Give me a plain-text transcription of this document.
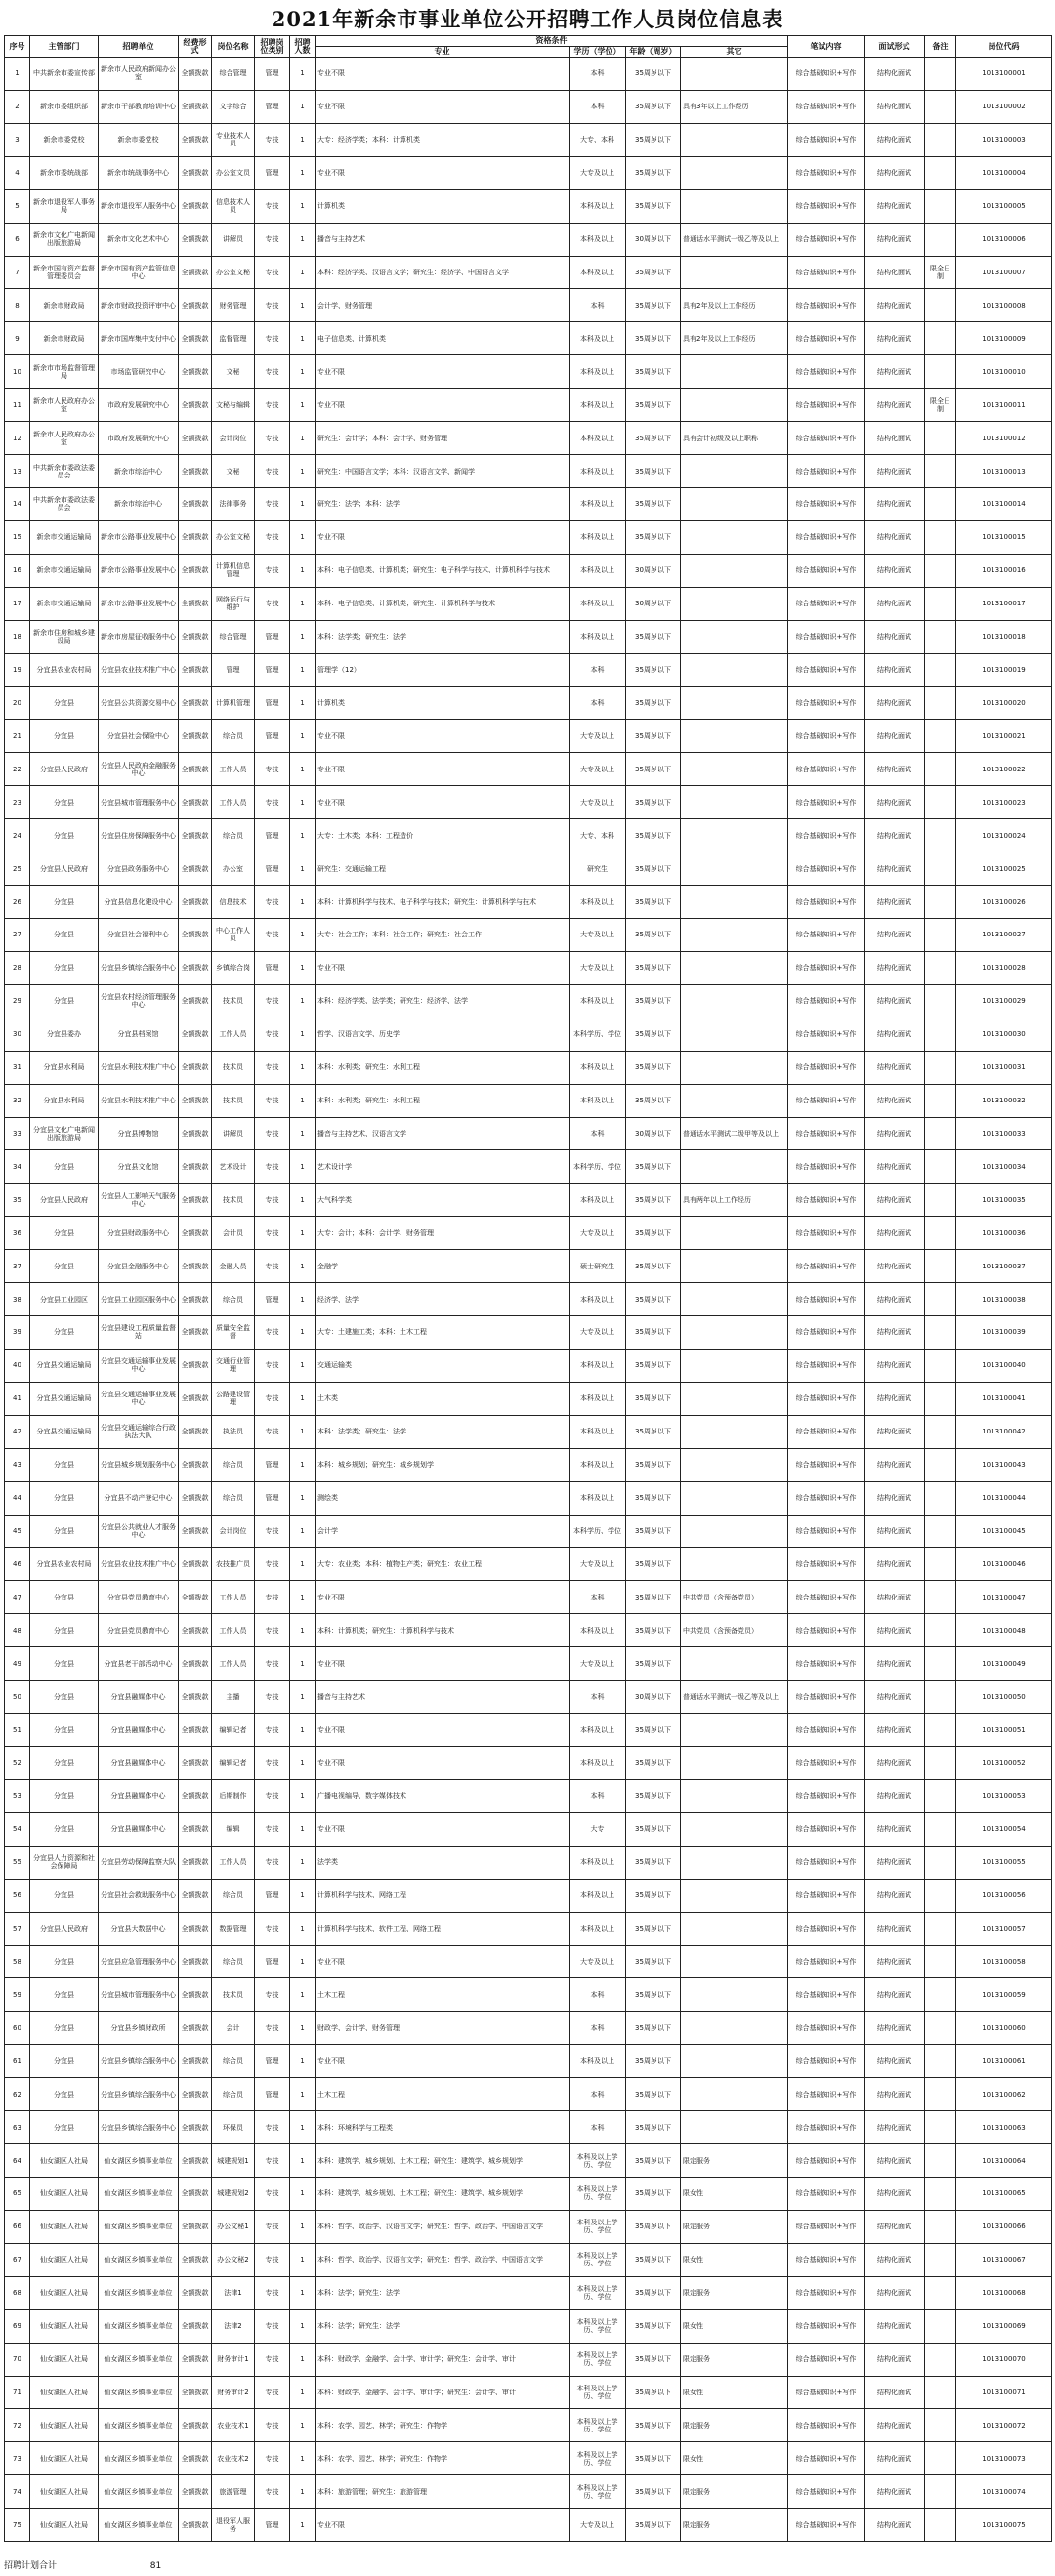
2021年新余市事业单位公开招聘工作人员岗位信息表
序号	主管部门	招聘单位	经费形式	岗位名称	招聘岗位类别	招聘人数	资格条件				笔试内容	面试形式	备注	岗位代码
							专业	学历（学位）	年龄（周岁）	其它				
1	中共新余市委宣传部	新余市人民政府新闻办公室	全额拨款	综合管理	管理	1	专业不限	本科	35周岁以下		综合基础知识+写作	结构化面试		1013100001
2	新余市委组织部	新余市干部教育培训中心	全额拨款	文字综合	管理	1	专业不限	本科	35周岁以下	具有3年以上工作经历	综合基础知识+写作	结构化面试		1013100002
3	新余市委党校	新余市委党校	全额拨款	专业技术人员	专技	1	大专：经济学类；本科：计算机类	大专、本科	35周岁以下		综合基础知识+写作	结构化面试		1013100003
4	新余市委统战部	新余市统战事务中心	全额拨款	办公室文员	管理	1	专业不限	大专及以上	35周岁以下		综合基础知识+写作	结构化面试		1013100004
5	新余市退役军人事务局	新余市退役军人服务中心	全额拨款	信息技术人员	专技	1	计算机类	本科及以上	35周岁以下		综合基础知识+写作	结构化面试		1013100005
6	新余市文化广电新闻出版旅游局	新余市文化艺术中心	全额拨款	讲解员	专技	1	播音与主持艺术	本科及以上	30周岁以下	普通话水平测试一级乙等及以上	综合基础知识+写作	结构化面试		1013100006
7	新余市国有资产监督管理委员会	新余市国有资产监管信息中心	全额拨款	办公室文秘	专技	1	本科：经济学类、汉语言文学；研究生：经济学、中国语言文学	本科及以上	35周岁以下		综合基础知识+写作	结构化面试	限全日制	1013100007
8	新余市财政局	新余市财政投资评审中心	全额拨款	财务管理	专技	1	会计学、财务管理	本科	35周岁以下	具有2年及以上工作经历	综合基础知识+写作	结构化面试		1013100008
9	新余市财政局	新余市国库集中支付中心	全额拨款	监督管理	专技	1	电子信息类、计算机类	本科及以上	35周岁以下	具有2年及以上工作经历	综合基础知识+写作	结构化面试		1013100009
10	新余市市场监督管理局	市场监管研究中心	全额拨款	文秘	专技	1	专业不限	本科及以上	35周岁以下		综合基础知识+写作	结构化面试		1013100010
11	新余市人民政府办公室	市政府发展研究中心	全额拨款	文秘与编辑	专技	1	专业不限	本科及以上	35周岁以下		综合基础知识+写作	结构化面试	限全日制	1013100011
12	新余市人民政府办公室	市政府发展研究中心	全额拨款	会计岗位	专技	1	研究生：会计学；本科：会计学、财务管理	本科及以上	35周岁以下	具有会计初级及以上职称	综合基础知识+写作	结构化面试		1013100012
13	中共新余市委政法委员会	新余市综治中心	全额拨款	文秘	专技	1	研究生：中国语言文学；本科：汉语言文学、新闻学	本科及以上	35周岁以下		综合基础知识+写作	结构化面试		1013100013
14	中共新余市委政法委员会	新余市综治中心	全额拨款	法律事务	专技	1	研究生：法学；本科：法学	本科及以上	35周岁以下		综合基础知识+写作	结构化面试		1013100014
15	新余市交通运输局	新余市公路事业发展中心	全额拨款	办公室文秘	专技	1	专业不限	本科及以上	35周岁以下		综合基础知识+写作	结构化面试		1013100015
16	新余市交通运输局	新余市公路事业发展中心	全额拨款	计算机信息管理	专技	1	本科：电子信息类、计算机类；研究生：电子科学与技术、计算机科学与技术	本科及以上	30周岁以下		综合基础知识+写作	结构化面试		1013100016
17	新余市交通运输局	新余市公路事业发展中心	全额拨款	网络运行与维护	专技	1	本科：电子信息类、计算机类；研究生：计算机科学与技术	本科及以上	30周岁以下		综合基础知识+写作	结构化面试		1013100017
18	新余市住房和城乡建设局	新余市房屋征收服务中心	全额拨款	综合管理	管理	1	本科：法学类；研究生：法学	本科及以上	35周岁以下		综合基础知识+写作	结构化面试		1013100018
19	分宜县农业农村局	分宜县农业技术推广中心	全额拨款	管理	管理	1	管理学（12）	本科	35周岁以下		综合基础知识+写作	结构化面试		1013100019
20	分宜县	分宜县公共资源交易中心	全额拨款	计算机管理	管理	1	计算机类	本科	35周岁以下		综合基础知识+写作	结构化面试		1013100020
21	分宜县	分宜县社会保险中心	全额拨款	综合员	管理	1	专业不限	大专及以上	35周岁以下		综合基础知识+写作	结构化面试		1013100021
22	分宜县人民政府	分宜县人民政府金融服务中心	全额拨款	工作人员	专技	1	专业不限	大专及以上	35周岁以下		综合基础知识+写作	结构化面试		1013100022
23	分宜县	分宜县城市管理服务中心	全额拨款	工作人员	专技	1	专业不限	大专及以上	35周岁以下		综合基础知识+写作	结构化面试		1013100023
24	分宜县	分宜县住房保障服务中心	全额拨款	综合员	管理	1	大专：土木类；本科：工程造价	大专、本科	35周岁以下		综合基础知识+写作	结构化面试		1013100024
25	分宜县人民政府	分宜县政务服务中心	全额拨款	办公室	管理	1	研究生：交通运输工程	研究生	35周岁以下		综合基础知识+写作	结构化面试		1013100025
26	分宜县	分宜县信息化建设中心	全额拨款	信息技术	专技	1	本科：计算机科学与技术、电子科学与技术；研究生：计算机科学与技术	本科及以上	35周岁以下		综合基础知识+写作	结构化面试		1013100026
27	分宜县	分宜县社会福利中心	全额拨款	中心工作人员	专技	1	大专：社会工作；本科：社会工作；研究生：社会工作	大专及以上	35周岁以下		综合基础知识+写作	结构化面试		1013100027
28	分宜县	分宜县乡镇综合服务中心	全额拨款	乡镇综合岗	管理	1	专业不限	大专及以上	35周岁以下		综合基础知识+写作	结构化面试		1013100028
29	分宜县	分宜县农村经济管理服务中心	全额拨款	技术员	专技	1	本科：经济学类、法学类；研究生：经济学、法学	本科及以上	35周岁以下		综合基础知识+写作	结构化面试		1013100029
30	分宜县委办	分宜县档案馆	全额拨款	工作人员	专技	1	哲学、汉语言文学、历史学	本科学历、学位	35周岁以下		综合基础知识+写作	结构化面试		1013100030
31	分宜县水利局	分宜县水利技术推广中心	全额拨款	技术员	专技	1	本科：水利类；研究生：水利工程	本科及以上	35周岁以下		综合基础知识+写作	结构化面试		1013100031
32	分宜县水利局	分宜县水利技术推广中心	全额拨款	技术员	专技	1	本科：水利类；研究生：水利工程	本科及以上	35周岁以下		综合基础知识+写作	结构化面试		1013100032
33	分宜县文化广电新闻出版旅游局	分宜县博物馆	全额拨款	讲解员	专技	1	播音与主持艺术、汉语言文学	本科	30周岁以下	普通话水平测试二级甲等及以上	综合基础知识+写作	结构化面试		1013100033
34	分宜县	分宜县文化馆	全额拨款	艺术设计	专技	1	艺术设计学	本科学历、学位	35周岁以下		综合基础知识+写作	结构化面试		1013100034
35	分宜县人民政府	分宜县人工影响天气服务中心	全额拨款	技术员	专技	1	大气科学类	本科及以上	35周岁以下	具有两年以上工作经历	综合基础知识+写作	结构化面试		1013100035
36	分宜县	分宜县财政服务中心	全额拨款	会计员	专技	1	大专：会计；本科：会计学、财务管理	大专及以上	35周岁以下		综合基础知识+写作	结构化面试		1013100036
37	分宜县	分宜县金融服务中心	全额拨款	金融人员	专技	1	金融学	硕士研究生	35周岁以下		综合基础知识+写作	结构化面试		1013100037
38	分宜县工业园区	分宜县工业园区服务中心	全额拨款	综合员	管理	1	经济学、法学	本科及以上	35周岁以下		综合基础知识+写作	结构化面试		1013100038
39	分宜县	分宜县建设工程质量监督站	全额拨款	质量安全监督	专技	1	大专：土建施工类；本科：土木工程	大专及以上	35周岁以下		综合基础知识+写作	结构化面试		1013100039
40	分宜县交通运输局	分宜县交通运输事业发展中心	全额拨款	交通行业管理	专技	1	交通运输类	本科及以上	35周岁以下		综合基础知识+写作	结构化面试		1013100040
41	分宜县交通运输局	分宜县交通运输事业发展中心	全额拨款	公路建设管理	专技	1	土木类	本科及以上	35周岁以下		综合基础知识+写作	结构化面试		1013100041
42	分宜县交通运输局	分宜县交通运输综合行政执法大队	全额拨款	执法员	专技	1	本科：法学类；研究生：法学	本科及以上	35周岁以下		综合基础知识+写作	结构化面试		1013100042
43	分宜县	分宜县城乡规划服务中心	全额拨款	综合员	管理	1	本科：城乡规划；研究生：城乡规划学	本科及以上	35周岁以下		综合基础知识+写作	结构化面试		1013100043
44	分宜县	分宜县不动产登记中心	全额拨款	综合员	管理	1	测绘类	本科及以上	35周岁以下		综合基础知识+写作	结构化面试		1013100044
45	分宜县	分宜县公共就业人才服务中心	全额拨款	会计岗位	专技	1	会计学	本科学历、学位	35周岁以下		综合基础知识+写作	结构化面试		1013100045
46	分宜县农业农村局	分宜县农业技术推广中心	全额拨款	农技推广员	专技	1	大专：农业类；本科：植物生产类；研究生：农业工程	大专及以上	35周岁以下		综合基础知识+写作	结构化面试		1013100046
47	分宜县	分宜县党员教育中心	全额拨款	工作人员	专技	1	专业不限	本科	35周岁以下	中共党员（含预备党员）	综合基础知识+写作	结构化面试		1013100047
48	分宜县	分宜县党员教育中心	全额拨款	工作人员	专技	1	本科：计算机类；研究生：计算机科学与技术	本科及以上	35周岁以下	中共党员（含预备党员）	综合基础知识+写作	结构化面试		1013100048
49	分宜县	分宜县老干部活动中心	全额拨款	工作人员	专技	1	专业不限	大专及以上	35周岁以下		综合基础知识+写作	结构化面试		1013100049
50	分宜县	分宜县融媒体中心	全额拨款	主播	专技	1	播音与主持艺术	本科	30周岁以下	普通话水平测试一级乙等及以上	综合基础知识+写作	结构化面试		1013100050
51	分宜县	分宜县融媒体中心	全额拨款	编辑记者	专技	1	专业不限	本科及以上	35周岁以下		综合基础知识+写作	结构化面试		1013100051
52	分宜县	分宜县融媒体中心	全额拨款	编辑记者	专技	1	专业不限	本科及以上	35周岁以下		综合基础知识+写作	结构化面试		1013100052
53	分宜县	分宜县融媒体中心	全额拨款	后期制作	专技	1	广播电视编导、数字媒体技术	本科	35周岁以下		综合基础知识+写作	结构化面试		1013100053
54	分宜县	分宜县融媒体中心	全额拨款	编辑	专技	1	专业不限	大专	35周岁以下		综合基础知识+写作	结构化面试		1013100054
55	分宜县人力资源和社会保障局	分宜县劳动保障监察大队	全额拨款	工作人员	专技	1	法学类	本科及以上	35周岁以下		综合基础知识+写作	结构化面试		1013100055
56	分宜县	分宜县社会救助服务中心	全额拨款	综合员	管理	1	计算机科学与技术、网络工程	本科及以上	35周岁以下		综合基础知识+写作	结构化面试		1013100056
57	分宜县人民政府	分宜县大数据中心	全额拨款	数据管理	专技	1	计算机科学与技术、软件工程、网络工程	本科及以上	35周岁以下		综合基础知识+写作	结构化面试		1013100057
58	分宜县	分宜县应急管理服务中心	全额拨款	综合员	管理	1	专业不限	大专及以上	35周岁以下		综合基础知识+写作	结构化面试		1013100058
59	分宜县	分宜县城市管理服务中心	全额拨款	技术员	专技	1	土木工程	本科	35周岁以下		综合基础知识+写作	结构化面试		1013100059
60	分宜县	分宜县乡镇财政所	全额拨款	会计	专技	1	财政学、会计学、财务管理	本科	35周岁以下		综合基础知识+写作	结构化面试		1013100060
61	分宜县	分宜县乡镇综合服务中心	全额拨款	综合员	管理	1	专业不限	本科及以上	35周岁以下		综合基础知识+写作	结构化面试		1013100061
62	分宜县	分宜县乡镇综合服务中心	全额拨款	综合员	管理	1	土木工程	本科	35周岁以下		综合基础知识+写作	结构化面试		1013100062
63	分宜县	分宜县乡镇综合服务中心	全额拨款	环保员	专技	1	本科：环境科学与工程类	本科	35周岁以下		综合基础知识+写作	结构化面试		1013100063
64	仙女湖区人社局	仙女湖区乡镇事业单位	全额拨款	城建规划1	专技	1	本科：建筑学、城乡规划、土木工程；研究生：建筑学、城乡规划学	本科及以上学历、学位	35周岁以下	限定服务	综合基础知识+写作	结构化面试		1013100064
65	仙女湖区人社局	仙女湖区乡镇事业单位	全额拨款	城建规划2	专技	1	本科：建筑学、城乡规划、土木工程；研究生：建筑学、城乡规划学	本科及以上学历、学位	35周岁以下	限女性	综合基础知识+写作	结构化面试		1013100065
66	仙女湖区人社局	仙女湖区乡镇事业单位	全额拨款	办公文秘1	专技	1	本科：哲学、政治学、汉语言文学；研究生：哲学、政治学、中国语言文学	本科及以上学历、学位	35周岁以下	限定服务	综合基础知识+写作	结构化面试		1013100066
67	仙女湖区人社局	仙女湖区乡镇事业单位	全额拨款	办公文秘2	专技	1	本科：哲学、政治学、汉语言文学；研究生：哲学、政治学、中国语言文学	本科及以上学历、学位	35周岁以下	限女性	综合基础知识+写作	结构化面试		1013100067
68	仙女湖区人社局	仙女湖区乡镇事业单位	全额拨款	法律1	专技	1	本科：法学；研究生：法学	本科及以上学历、学位	35周岁以下	限定服务	综合基础知识+写作	结构化面试		1013100068
69	仙女湖区人社局	仙女湖区乡镇事业单位	全额拨款	法律2	专技	1	本科：法学；研究生：法学	本科及以上学历、学位	35周岁以下	限女性	综合基础知识+写作	结构化面试		1013100069
70	仙女湖区人社局	仙女湖区乡镇事业单位	全额拨款	财务审计1	专技	1	本科：财政学、金融学、会计学、审计学；研究生：会计学、审计	本科及以上学历、学位	35周岁以下	限定服务	综合基础知识+写作	结构化面试		1013100070
71	仙女湖区人社局	仙女湖区乡镇事业单位	全额拨款	财务审计2	专技	1	本科：财政学、金融学、会计学、审计学；研究生：会计学、审计	本科及以上学历、学位	35周岁以下	限女性	综合基础知识+写作	结构化面试		1013100071
72	仙女湖区人社局	仙女湖区乡镇事业单位	全额拨款	农业技术1	专技	1	本科：农学、园艺、林学；研究生：作物学	本科及以上学历、学位	35周岁以下	限定服务	综合基础知识+写作	结构化面试		1013100072
73	仙女湖区人社局	仙女湖区乡镇事业单位	全额拨款	农业技术2	专技	1	本科：农学、园艺、林学；研究生：作物学	本科及以上学历、学位	35周岁以下	限女性	综合基础知识+写作	结构化面试		1013100073
74	仙女湖区人社局	仙女湖区乡镇事业单位	全额拨款	旅游管理	专技	1	本科：旅游管理；研究生：旅游管理	本科及以上学历、学位	35周岁以下	限定服务	综合基础知识+写作	结构化面试		1013100074
75	仙女湖区人社局	仙女湖区乡镇事业单位	全额拨款	退役军人服务	管理	1	专业不限	大专及以上	35周岁以下	限定服务	综合基础知识+写作	结构化面试		1013100075
招聘计划合计	81
